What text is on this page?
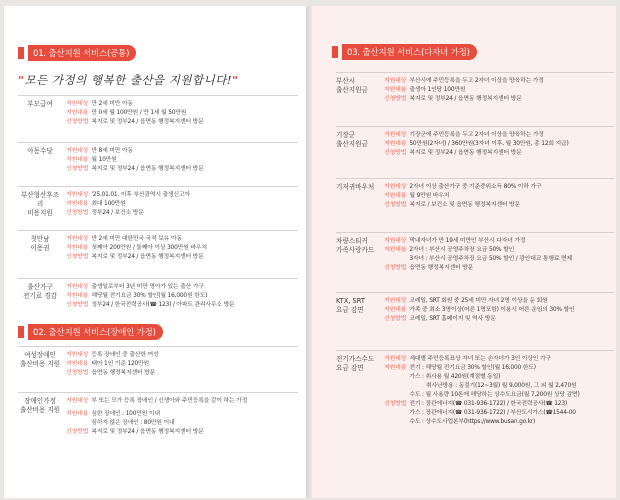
01. 출산지원 서비스(공통)
"모든 가정의 행복한 출산을 지원합니다!"
부모급여	지원대상 만 2세 미만 아동
지원내용 만 0세 월 100만원 / 만 1세 월 50만원
신청방법 복지로 및 정부24 / 읍면동 행정복지센터 방문
아동수당	지원대상 만 8세 미만 아동
지원내용 월 10만원
신청방법 복지로 및 정부24 / 읍면동 행정복지센터 방문
부산형산후조리
비용지원
지원대상 '25.01.01. 이후 부산광역시 출생신고아
지원내용 최대 100만원
신청방법 정부24 / 보건소 방문
첫만남
이용권
지원대상 만 2세 미만 대한민국 국적 보유 아동
지원내용 첫째아 200만원 / 둘째아 이상 300만원 바우처
신청방법 복지로 및 정부24 / 읍면동 행정복지센터 방문
출산가구
전기료 경감
지원대상 출생일로부터 3년 미만 영아가 있는 출산 가구
지원내용 해당월 전기요금 30% 할인(월 16,000원 한도)
신청방법 정부24 / 한국전력공사(☎ 123) / 아파트 관리사무소 방문
02. 출산지원 서비스(장애인 가정)
여성장애인
출산비용 지원
지원대상 등록 장애인 중 출산한 여성
지원내용 태아 1인 기준 120만원
신청방법 읍면동 행정복지센터 방문
장애인가정
출산비용 지원
지원대상 부 또는 모가 등록 장애인 / 신생아와 주민등록을 같이 하는 가정
지원내용 심한 장애인 : 100만원 이내
심하지 않은 장애인 : 80만원 이내
신청방법 복지로 및 정부24 / 읍면동 행정복지센터 방문
03. 출산지원 서비스(다자녀 가정)
부산시
출산지원금
지원대상 부산시에 주민등록을 두고 2자녀 이상을 양육하는 가정
지원내용 출생아 1인당 100만원
신청방법 복지로 및 정부24 / 읍면동 행정복지센터 방문
기장군
출산지원금
지원대상 기장군에 주민등록을 두고 2자녀 이상을 양육하는 가정
지원내용 50만원(2자녀) / 360만원(3자녀 이후, 월 30만원, 총 12회 지급)
신청방법 복지로 및 정부24 / 읍면동 행정복지센터 방문
기저귀바우처	지원대상 2자녀 이상 출산가구 중 기준중위소득 80% 이하 가구
지원내용 월 9만원 바우처
신청방법 복지로 / 보건소 및 읍면동 행정복지센터 방문
차량스티커
가족사랑카드
지원대상 막내자녀가 만 19세 미만인 부산시 다자녀 가정
지원내용 2자녀 : 부산시 공영주차장 요금 50% 할인
3자녀 : 부산시 공영주차장 요금 50% 할인 / 광안대교 통행료 면제
신청방법 읍면동 행정복지센터 방문
KTX, SRT
요금 감면
지원대상 코레일, SRT 회원 중 25세 미만 자녀 2명 이상을 둔 회원
지원내용 가족 중 최소 3명이상(어른 1명포함) 이용시 어른 운임의 30% 할인
신청방법 코레일, SRT 홈페이지 및 역사 방문
전기가스수도
요금 감면
지원대상 세대별 주민등록표상 자녀 또는 손자녀가 3인 이상인 가구
지원내용 전기 : 해당월 전기요금 30% 할인(월 16,000 한도)
가스 : 취사용 월 420원(계절별 동일)
취사난방용 : 동절기(12~3월) 월 9,000원, 그 외 월 2,470원
수도 : 월 사용량 10톤에 해당하는 상수도요금(월 7,200원 상당 감면)
신청방법 전기 : 장관에너지(☎ 031-936-1722) / 한국전력공사(☎ 123)
가스 : 장관에너지(☎ 031-936-1722) / 부산도시가스(☎1544-00
수도 : 상수도사업본부(https://www.busan.go.kr)
